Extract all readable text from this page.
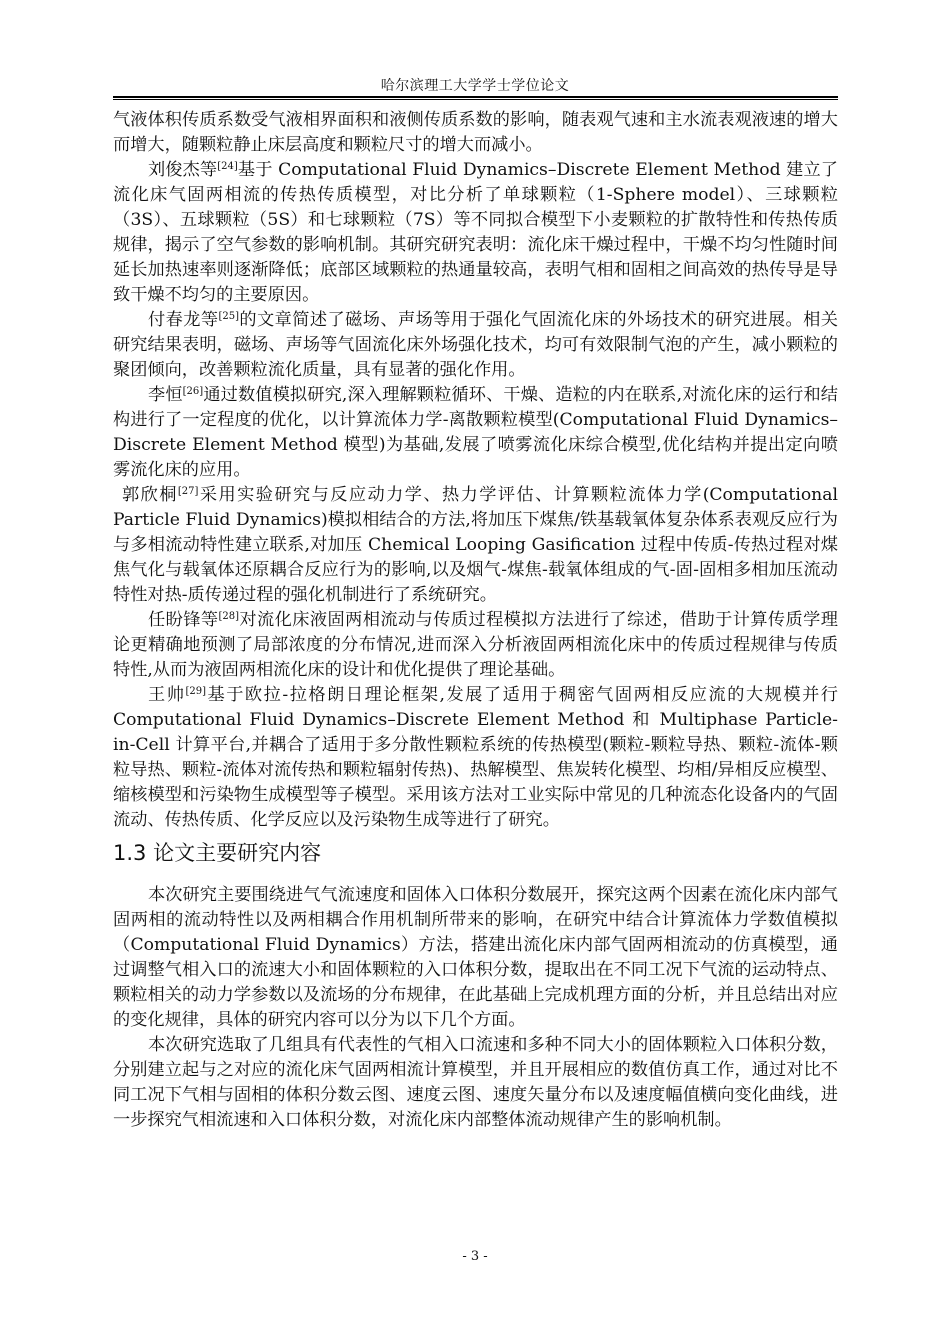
哈尔滨理工大学学士学位论文

气液体积传质系数受气液相界面积和液侧传质系数的影响，随表观气速和主水流表观液速的增大而增大，随颗粒静止床层高度和颗粒尺寸的增大而减小。

刘俊杰等[24]基于 Computational Fluid Dynamics–Discrete Element Method 建立了流化床气固两相流的传热传质模型，对比分析了单球颗粒（1-Sphere model）、三球颗粒（3S）、五球颗粒（5S）和七球颗粒（7S）等不同拟合模型下小麦颗粒的扩散特性和传热传质规律，揭示了空气参数的影响机制。其研究研究表明：流化床干燥过程中，干燥不均匀性随时间延长加热速率则逐渐降低；底部区域颗粒的热通量较高，表明气相和固相之间高效的热传导是导致干燥不均匀的主要原因。

付春龙等[25]的文章简述了磁场、声场等用于强化气固流化床的外场技术的研究进展。相关研究结果表明，磁场、声场等气固流化床外场强化技术，均可有效限制气泡的产生，减小颗粒的聚团倾向，改善颗粒流化质量，具有显著的强化作用。

李恒[26]通过数值模拟研究,深入理解颗粒循环、干燥、造粒的内在联系,对流化床的运行和结构进行了一定程度的优化，以计算流体力学-离散颗粒模型(Computational Fluid Dynamics–Discrete Element Method 模型)为基础,发展了喷雾流化床综合模型,优化结构并提出定向喷雾流化床的应用。

郭欣桐[27]采用实验研究与反应动力学、热力学评估、计算颗粒流体力学(Computational Particle Fluid Dynamics)模拟相结合的方法,将加压下煤焦/铁基载氧体复杂体系表观反应行为与多相流动特性建立联系,对加压 Chemical Looping Gasification 过程中传质-传热过程对煤焦气化与载氧体还原耦合反应行为的影响,以及烟气-煤焦-载氧体组成的气-固-固相多相加压流动特性对热-质传递过程的强化机制进行了系统研究。

任盼锋等[28]对流化床液固两相流动与传质过程模拟方法进行了综述，借助于计算传质学理论更精确地预测了局部浓度的分布情况,进而深入分析液固两相流化床中的传质过程规律与传质特性,从而为液固两相流化床的设计和优化提供了理论基础。

王帅[29]基于欧拉-拉格朗日理论框架,发展了适用于稠密气固两相反应流的大规模并行 Computational Fluid Dynamics–Discrete Element Method 和 Multiphase Particle-in-Cell 计算平台,并耦合了适用于多分散性颗粒系统的传热模型(颗粒-颗粒导热、颗粒-流体-颗粒导热、颗粒-流体对流传热和颗粒辐射传热)、热解模型、焦炭转化模型、均相/异相反应模型、缩核模型和污染物生成模型等子模型。采用该方法对工业实际中常见的几种流态化设备内的气固流动、传热传质、化学反应以及污染物生成等进行了研究。

1.3 论文主要研究内容

本次研究主要围绕进气气流速度和固体入口体积分数展开，探究这两个因素在流化床内部气固两相的流动特性以及两相耦合作用机制所带来的影响，在研究中结合计算流体力学数值模拟（Computational Fluid Dynamics）方法，搭建出流化床内部气固两相流动的仿真模型，通过调整气相入口的流速大小和固体颗粒的入口体积分数，提取出在不同工况下气流的运动特点、颗粒相关的动力学参数以及流场的分布规律，在此基础上完成机理方面的分析，并且总结出对应的变化规律，具体的研究内容可以分为以下几个方面。

本次研究选取了几组具有代表性的气相入口流速和多种不同大小的固体颗粒入口体积分数，分别建立起与之对应的流化床气固两相流计算模型，并且开展相应的数值仿真工作，通过对比不同工况下气相与固相的体积分数云图、速度云图、速度矢量分布以及速度幅值横向变化曲线，进一步探究气相流速和入口体积分数，对流化床内部整体流动规律产生的影响机制。

- 3 -
